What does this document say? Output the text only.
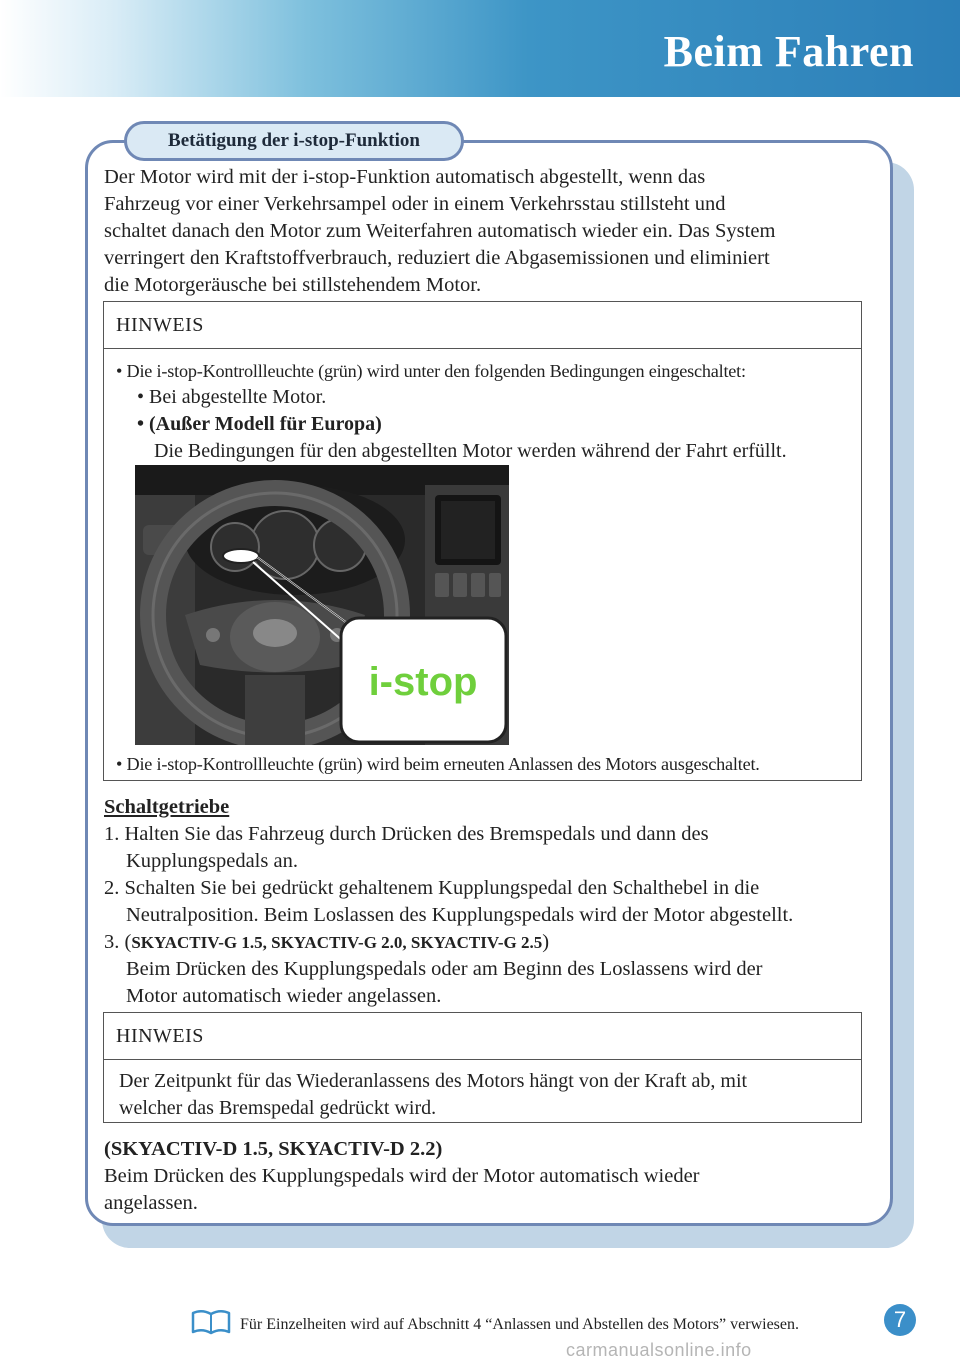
Beim Fahren
Betätigung der i-stop-Funktion
Der Motor wird mit der i-stop-Funktion automatisch abgestellt, wenn das
Fahrzeug vor einer Verkehrsampel oder in einem Verkehrsstau stillsteht und
schaltet danach den Motor zum Weiterfahren automatisch wieder ein. Das System
verringert den Kraftstoffverbrauch, reduziert die Abgasemissionen und eliminiert
die Motorgeräusche bei stillstehendem Motor.
HINWEIS
• Die i-stop-Kontrollleuchte (grün) wird unter den folgenden Bedingungen eingeschaltet:
• Bei abgestellte Motor.
• (Außer Modell für Europa)
Die Bedingungen für den abgestellten Motor werden während der Fahrt erfüllt.
i-stop
• Die i-stop-Kontrollleuchte (grün) wird beim erneuten Anlassen des Motors ausgeschaltet.
Schaltgetriebe
1. Halten Sie das Fahrzeug durch Drücken des Bremspedals und dann des
Kupplungspedals an.
2. Schalten Sie bei gedrückt gehaltenem Kupplungspedal den Schalthebel in die
Neutralposition. Beim Loslassen des Kupplungspedals wird der Motor abgestellt.
3. (SKYACTIV-G 1.5, SKYACTIV-G 2.0, SKYACTIV-G 2.5)
Beim Drücken des Kupplungspedals oder am Beginn des Loslassens wird der
Motor automatisch wieder angelassen.
HINWEIS
Der Zeitpunkt für das Wiederanlassens des Motors hängt von der Kraft ab, mit
welcher das Bremspedal gedrückt wird.
(SKYACTIV-D 1.5, SKYACTIV-D 2.2)
Beim Drücken des Kupplungspedals wird der Motor automatisch wieder
angelassen.
Für Einzelheiten wird auf Abschnitt 4 “Anlassen und Abstellen des Motors” verwiesen.	7
carmanualsonline.info
